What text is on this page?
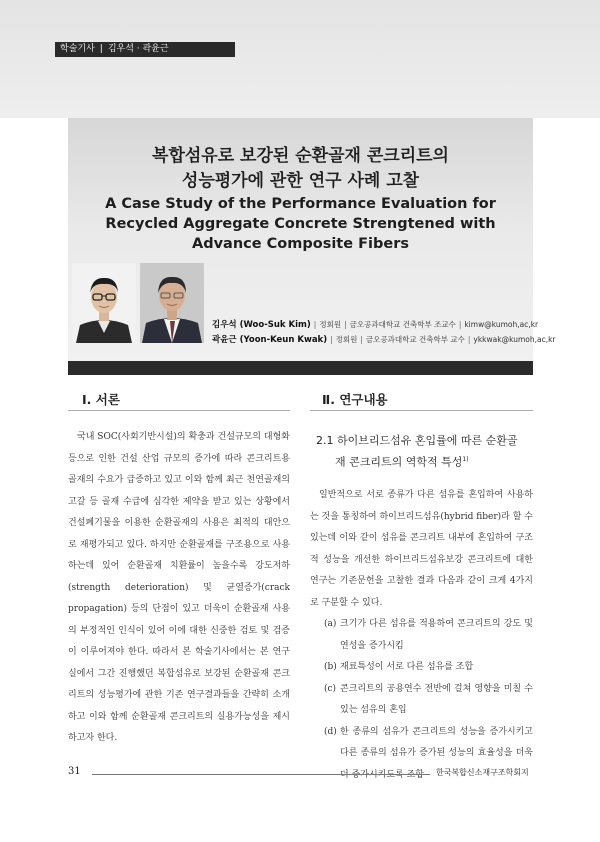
학술기사 | 김우석 · 곽윤근
복합섬유로 보강된 순환골재 콘크리트의
성능평가에 관한 연구 사례 고찰
A Case Study of the Performance Evaluation for
Recycled Aggregate Concrete Strengtened with
Advance Composite Fibers
김우석 (Woo-Suk Kim) | 정회원 | 금오공과대학교 건축학부 조교수 | kimw@kumoh,ac,kr
곽윤근 (Yoon-Keun Kwak) | 정회원 | 금오공과대학교 건축학부 교수 | ykkwak@kumoh,ac,kr
Ⅰ. 서론	Ⅱ. 연구내용

국내 SOC(사회기반시설)의 확충과 건설규모의 대형화 등으로 인한 건설 산업 규모의 증가에 따라 콘크리트용 골재의 수요가 급증하고 있고 이와 함께 최근 천연골재의 고갈 등 골재 수급에 심각한 제약을 받고 있는 상황에서 건설폐기물을 이용한 순환골재의 사용은 최적의 대안으로 재평가되고 있다. 하지만 순환골재를 구조용으로 사용하는데 있어 순환골재 치환률이 높을수록 강도저하(strength deterioration) 및 균열증가(crack propagation) 등의 단점이 있고 더욱이 순환골재 사용의 부정적인 인식이 있어 이에 대한 신중한 검토 및 검증이 이루어져야 한다. 따라서 본 학술기사에서는 본 연구실에서 그간 진행했던 복합섬유로 보강된 순환골재 콘크리트의 성능평가에 관한 기존 연구결과들을 간략히 소개하고 이와 함께 순환골재 콘크리트의 실용가능성을 제시하고자 한다.

2.1 하이브리드섬유 혼입률에 따른 순환골
재 콘크리트의 역학적 특성$^{1)}$

일반적으로 서로 종류가 다른 섬유를 혼입하여 사용하는 것을 통칭하여 하이브리드섬유(hybrid fiber)라 할 수 있는데 이와 같이 섬유를 콘크리트 내부에 혼입하여 구조적 성능을 개선한 하이브리드섬유보강 콘크리트에 대한 연구는 기존문헌을 고찰한 결과 다음과 같이 크게 4가지로 구분할 수 있다.

(a) 크기가 다른 섬유를 적용하여 콘크리트의 강도 및 연성을 증가시킴
(b) 재료특성이 서로 다른 섬유를 조합
(c) 콘크리트의 공용연수 전반에 걸쳐 영향을 미칠 수 있는 섬유의 혼입
(d) 한 종류의 섬유가 콘크리트의 성능을 증가시키고 다른 종류의 섬유가 증가된 성능의 효율성을 더욱 더 증가시키도록 조합
31	한국복합신소재구조학회지
